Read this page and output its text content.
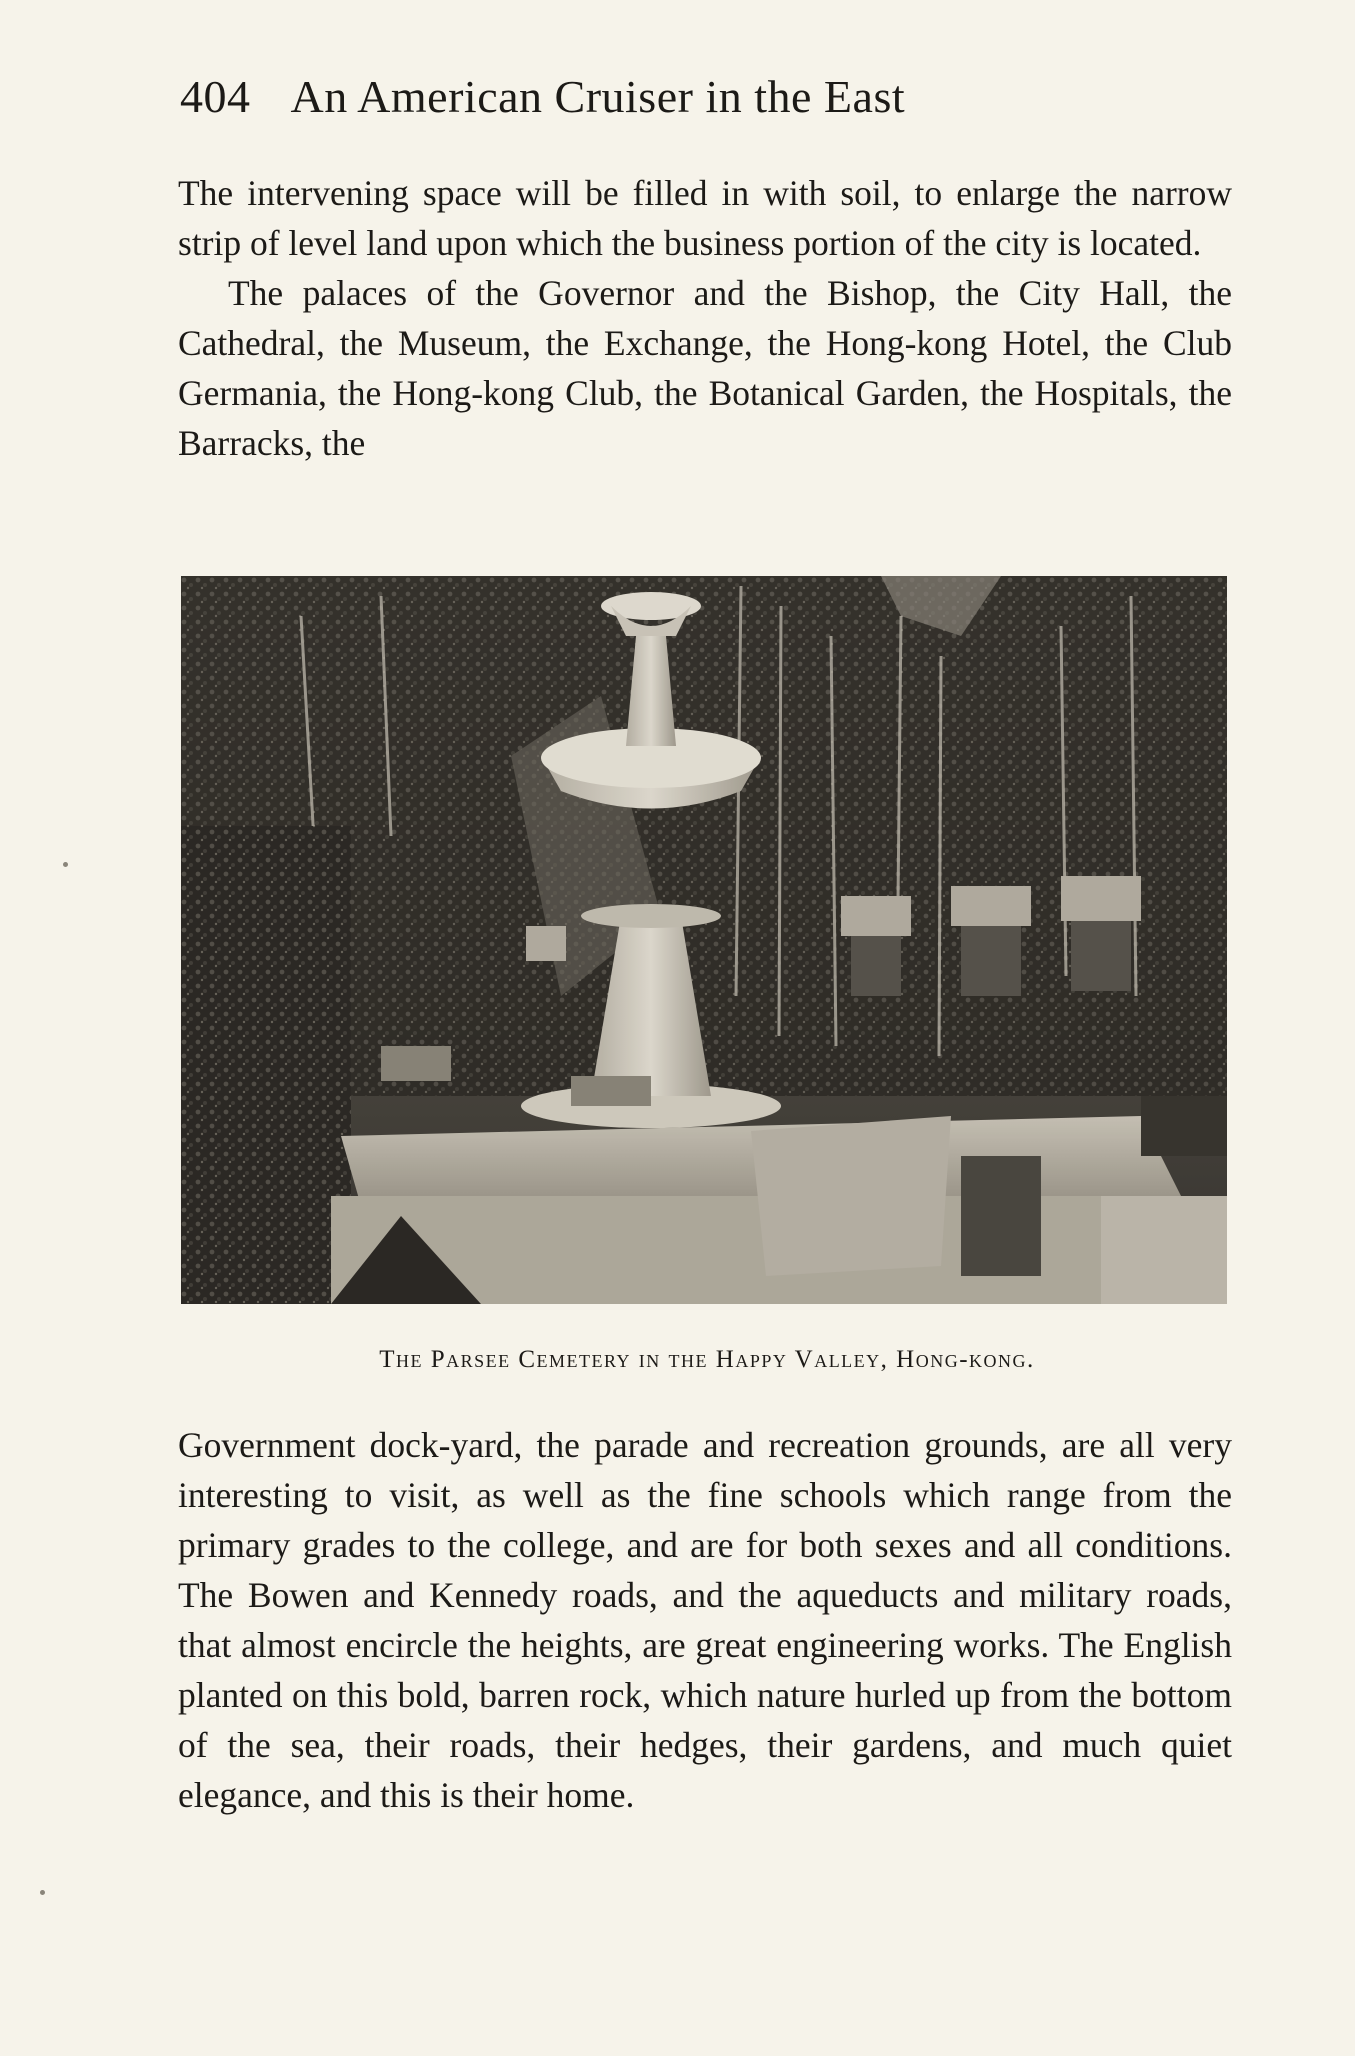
404 An American Cruiser in the East

The intervening space will be filled in with soil, to enlarge the narrow strip of level land upon which the business portion of the city is located.

The palaces of the Governor and the Bishop, the City Hall, the Cathedral, the Museum, the Exchange, the Hong-kong Hotel, the Club Germania, the Hong-kong Club, the Botanical Garden, the Hospitals, the Barracks, the

The Parsee Cemetery in the Happy Valley, Hong-kong.

Government dock-yard, the parade and recreation grounds, are all very interesting to visit, as well as the fine schools which range from the primary grades to the college, and are for both sexes and all conditions. The Bowen and Kennedy roads, and the aqueducts and military roads, that almost encircle the heights, are great engineering works. The English planted on this bold, barren rock, which nature hurled up from the bottom of the sea, their roads, their hedges, their gardens, and much quiet elegance, and this is their home.
